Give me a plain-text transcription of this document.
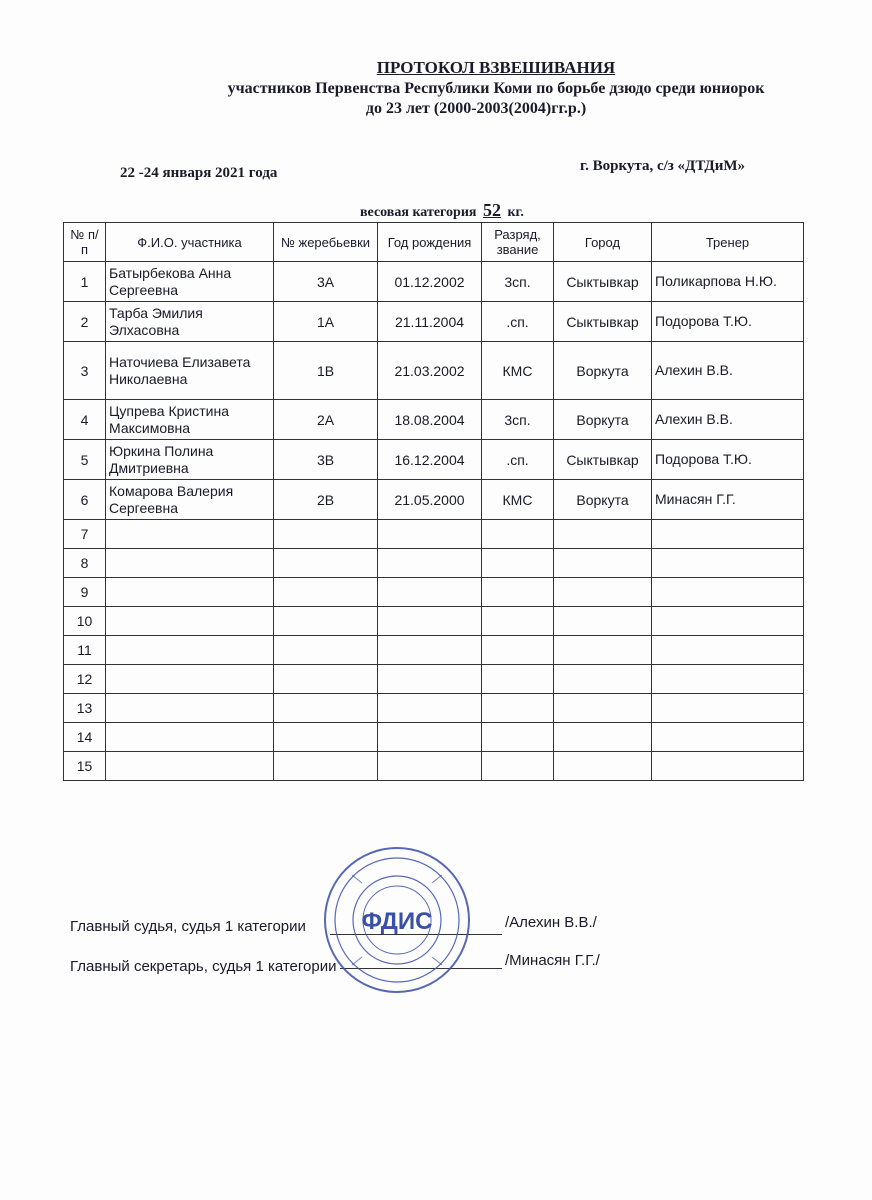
ПРОТОКОЛ ВЗВЕШИВАНИЯ
участников Первенства Республики Коми по борьбе дзюдо среди юниорок
до 23 лет (2000-2003(2004)гг.р.)
22 -24 января 2021 года	г. Воркута, с/з «ДТДиМ»
весовая категория 52 кг.
№ п/п	Ф.И.О. участника	№ жеребьевки	Год рождения	Разряд, звание	Город	Тренер
1	Батырбекова Анна Сергеевна	3А	01.12.2002	3сп.	Сыктывкар	Поликарпова Н.Ю.
2	Тарба Эмилия Элхасовна	1А	21.11.2004	.сп.	Сыктывкар	Подорова Т.Ю.
3	Наточиева Елизавета Николаевна	1В	21.03.2002	КМС	Воркута	Алехин В.В.
4	Цупрева Кристина Максимовна	2А	18.08.2004	3сп.	Воркута	Алехин В.В.
5	Юркина Полина Дмитриевна	3В	16.12.2004	.сп.	Сыктывкар	Подорова Т.Ю.
6	Комарова Валерия Сергеевна	2В	21.05.2000	КМС	Воркута	Минасян Г.Г.
7						
8						
9						
10						
11						
12						
13						
14						
15						
Главный судья, судья 1 категории	/Алехин В.В./
Главный секретарь, судья 1 категории	/Минасян Г.Г./
ФДИС
